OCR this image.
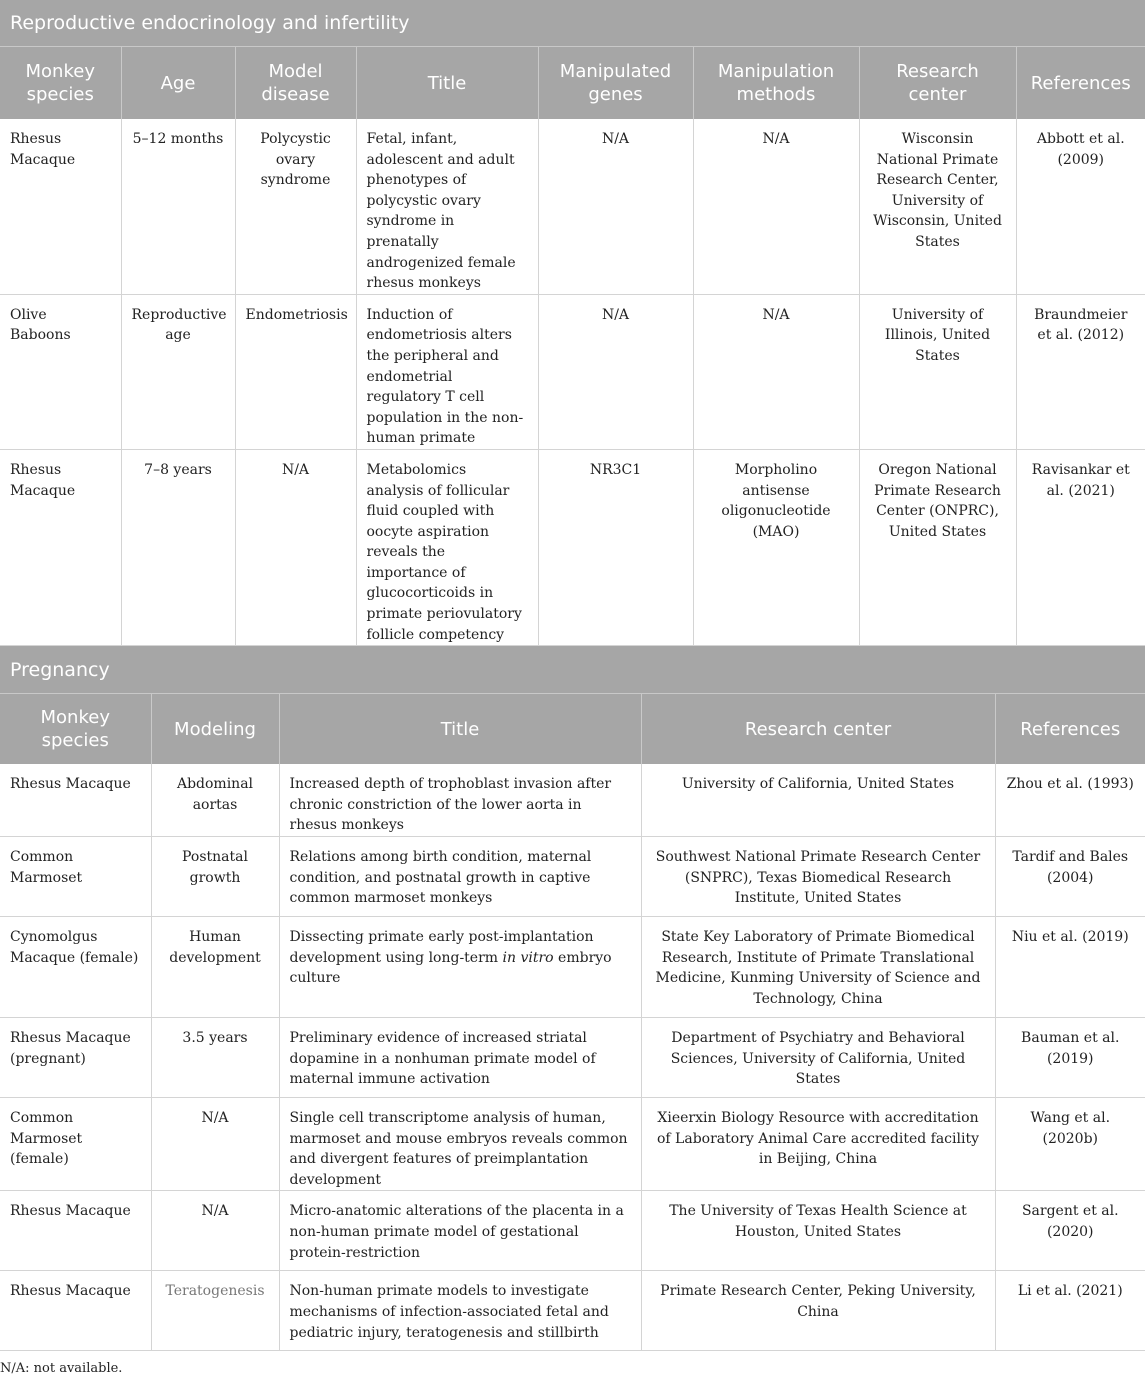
Reproductive endocrinology and infertility
Monkey species	Age	Model disease	Title	Manipulated genes	Manipulation methods	Research center	References
Rhesus Macaque	5–12 months	Polycystic ovary syndrome	Fetal, infant, adolescent and adult phenotypes of polycystic ovary syndrome in prenatally androgenized female rhesus monkeys	N/A	N/A	Wisconsin National Primate Research Center, University of Wisconsin, United States	Abbott et al. (2009)
Olive Baboons	Reproductive age	Endometriosis	Induction of endometriosis alters the peripheral and endometrial regulatory T cell population in the non-human primate	N/A	N/A	University of Illinois, United States	Braundmeier et al. (2012)
Rhesus Macaque	7–8 years	N/A	Metabolomics analysis of follicular fluid coupled with oocyte aspiration reveals the importance of glucocorticoids in primate periovulatory follicle competency	NR3C1	Morpholino antisense oligonucleotide (MAO)	Oregon National Primate Research Center (ONPRC), United States	Ravisankar et al. (2021)
Pregnancy
Monkey species	Modeling	Title	Research center	References
Rhesus Macaque	Abdominal aortas	Increased depth of trophoblast invasion after chronic constriction of the lower aorta in rhesus monkeys	University of California, United States	Zhou et al. (1993)
Common Marmoset	Postnatal growth	Relations among birth condition, maternal condition, and postnatal growth in captive common marmoset monkeys	Southwest National Primate Research Center (SNPRC), Texas Biomedical Research Institute, United States	Tardif and Bales (2004)
Cynomolgus Macaque (female)	Human development	Dissecting primate early post-implantation development using long-term in vitro embryo culture	State Key Laboratory of Primate Biomedical Research, Institute of Primate Translational Medicine, Kunming University of Science and Technology, China	Niu et al. (2019)
Rhesus Macaque (pregnant)	3.5 years	Preliminary evidence of increased striatal dopamine in a nonhuman primate model of maternal immune activation	Department of Psychiatry and Behavioral Sciences, University of California, United States	Bauman et al. (2019)
Common Marmoset (female)	N/A	Single cell transcriptome analysis of human, marmoset and mouse embryos reveals common and divergent features of preimplantation development	Xieerxin Biology Resource with accreditation of Laboratory Animal Care accredited facility in Beijing, China	Wang et al. (2020b)
Rhesus Macaque	N/A	Micro-anatomic alterations of the placenta in a non-human primate model of gestational protein-restriction	The University of Texas Health Science at Houston, United States	Sargent et al. (2020)
Rhesus Macaque	Teratogenesis	Non-human primate models to investigate mechanisms of infection-associated fetal and pediatric injury, teratogenesis and stillbirth	Primate Research Center, Peking University, China	Li et al. (2021)
N/A: not available.
